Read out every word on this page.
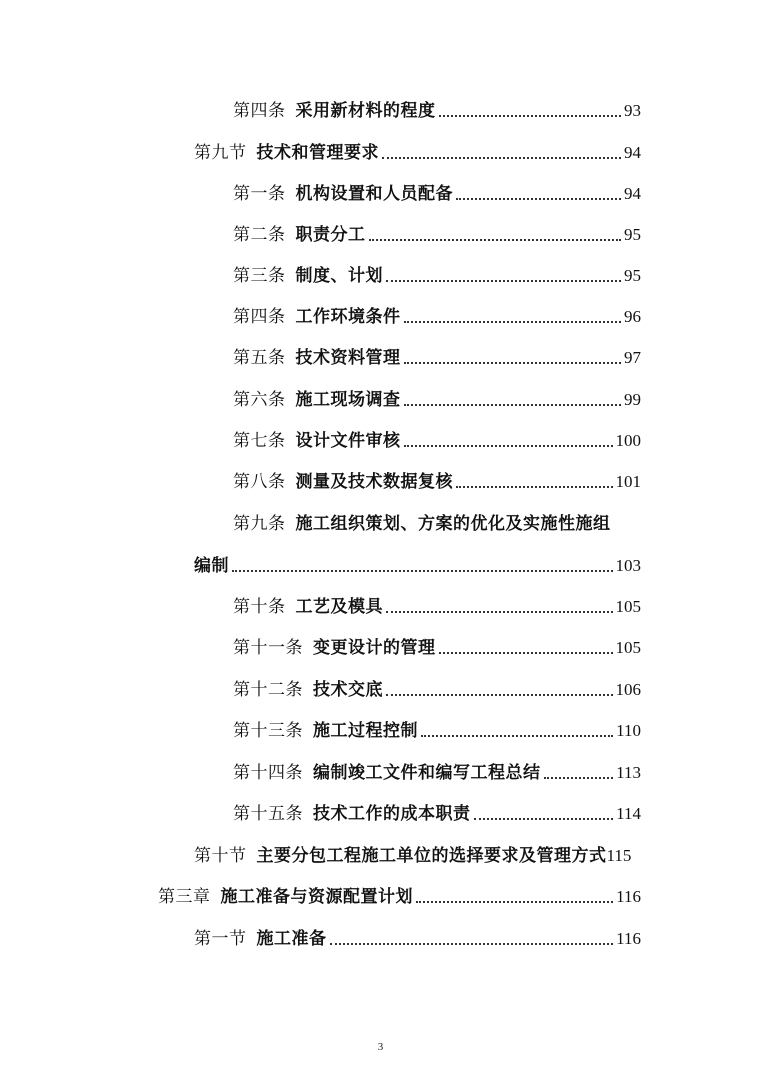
第四条 采用新材料的程度	93
第九节 技术和管理要求	94
第一条 机构设置和人员配备	94
第二条 职责分工	95
第三条 制度、计划	95
第四条 工作环境条件	96
第五条 技术资料管理	97
第六条 施工现场调查	99
第七条 设计文件审核	100
第八条 测量及技术数据复核	101
第九条 施工组织策划、方案的优化及实施性施组
编制	103
第十条 工艺及模具	105
第十一条 变更设计的管理	105
第十二条 技术交底	106
第十三条 施工过程控制	110
第十四条 编制竣工文件和编写工程总结	113
第十五条 技术工作的成本职责	114
第十节 主要分包工程施工单位的选择要求及管理方式 115
第三章 施工准备与资源配置计划	116
第一节 施工准备	116
3
